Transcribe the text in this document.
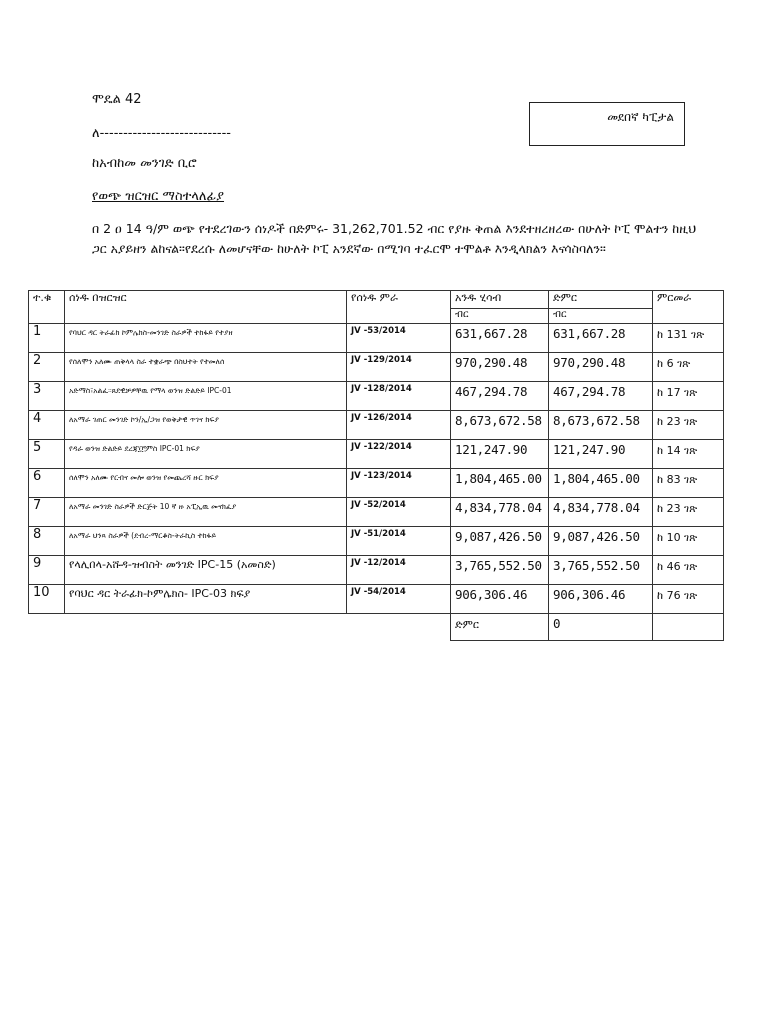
ሞዴል 42
ለ----------------------------
ከአብከመ መንገድ ቢሮ
የወጭ ዝርዝር ማስተላለፊያ
መደበኛ ካፒታል
በ 2 ዐ 14 ዓ/ም ወጭ የተደረገውን ሰነዶች በድምሩ- 31,262,701.52 ብር የያዙ ቅጠል እንደተዘረዘረው በሁለት ኮፒ ሞልተን ከዚህ ጋር አያይዘን ልከናል።የደረሱ ለመሆናቸው ከሁለት ኮፒ አንደኛው በሚገባ ተፈርሞ ተሞልቶ እንዲላክልን እናሳስባለን።
ተ.ቁ	ሰነዱ በዝርዝር	የሰነዱ ምራ	አንዱ ሂሳብ	ድምር	ምርመራ
			ብር	ብር	
1	የባህር ዳር ትራፊክ ኮምሌክስ-መንገድ ስራዎች ተከፋይ የተያዘ	JV -53/2014	631,667.28	631,667.28	ከ 131 ገጽ
2	የሰለሞን አለሙ ጠቅላላ ስራ ተቋራጭ በስህተት የተመለሰ	JV -129/2014	970,290.48	970,290.48	ከ 6 ገጽ
3	አድማስ፣አልፈ።ጸደዊቻዎቸዉ የማላ ወንዝ ድልድይ IPC-01	JV -128/2014	467,294.78	467,294.78	ከ 17 ገጽ
4	ለአማራ ገጠር መንገድ ኮን/ኢ/ጋዝ የወቅታዊ ጥገና ክፍያ	JV -126/2014	8,673,672.58	8,673,672.58	ከ 23 ገጽ
5	የዳራ ወንዝ ድልድይ ደረጃ፲፫ምስ IPC-01 ክፍያ	JV -122/2014	121,247.90	121,247.90	ከ 14 ገጽ
6	ሰለሞን አለሙ የርብና መሎ ወንዝ የመጨረሻ ዙር ክፍያ	JV -123/2014	1,804,465.00	1,804,465.00	ከ 83 ገጽ
7	ለአማራ መንገድ ስራዎች ድርጅት 10 ኛ ዙ አፒኢዉ መናክፈያ	JV -52/2014	4,834,778.04	4,834,778.04	ከ 23 ገጽ
8	ለአማራ ህንጻ ስራዎች (ደብረ-ማርቆስ-ትራኪስ ተከፋይ	JV -51/2014	9,087,426.50	9,087,426.50	ከ 10 ገጽ
9	የላሊበላ-አሹዳ-ዝብስት መንገድ IPC-15 (አመስድ)	JV -12/2014	3,765,552.50	3,765,552.50	ከ 46 ገጽ
10	የባህር ዳር ትራፊክ-ኮምሌክስ- IPC-03 ክፍያ	JV -54/2014	906,306.46	906,306.46	ከ 76 ገጽ
			ድምር	0	
